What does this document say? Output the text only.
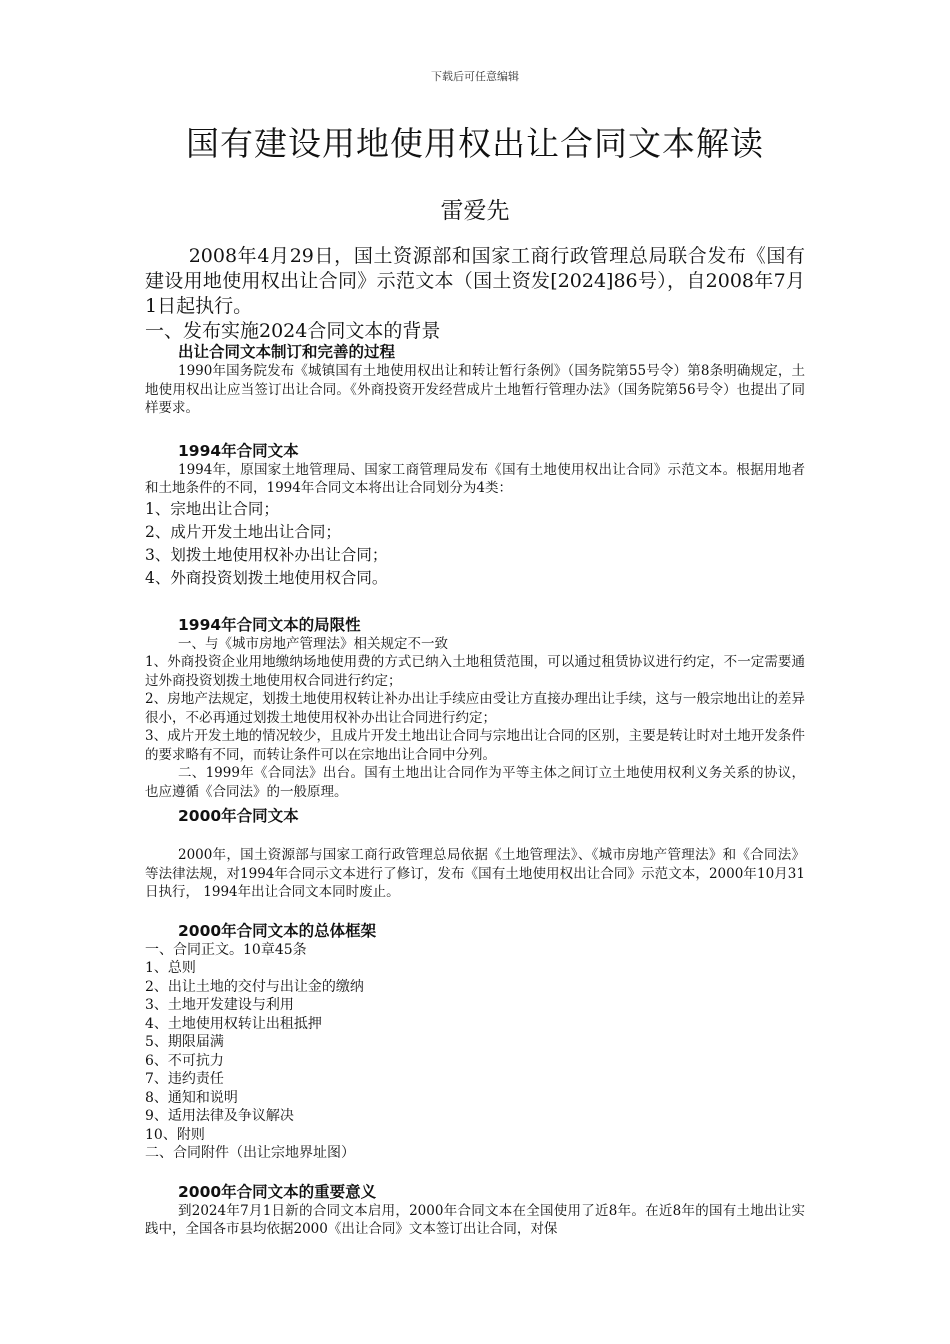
下载后可任意编辑
国有建设用地使用权出让合同文本解读
雷爱先

2008年4月29日，国土资源部和国家工商行政管理总局联合发布《国有建设用地使用权出让合同》示范文本（国土资发[2024]86号），自2008年7月1日起执行。

一、发布实施2024合同文本的背景

出让合同文本制订和完善的过程

1990年国务院发布《城镇国有土地使用权出让和转让暂行条例》（国务院第55号令）第8条明确规定，土地使用权出让应当签订出让合同。《外商投资开发经营成片土地暂行管理办法》（国务院第56号令）也提出了同样要求。

1994年合同文本

1994年，原国家土地管理局、国家工商管理局发布《国有土地使用权出让合同》示范文本。根据用地者和土地条件的不同，1994年合同文本将出让合同划分为4类：

1、宗地出让合同；

2、成片开发土地出让合同；

3、划拨土地使用权补办出让合同；

4、外商投资划拨土地使用权合同。

1994年合同文本的局限性

一、与《城市房地产管理法》相关规定不一致

1、外商投资企业用地缴纳场地使用费的方式已纳入土地租赁范围，可以通过租赁协议进行约定，不一定需要通过外商投资划拨土地使用权合同进行约定；

2、房地产法规定，划拨土地使用权转让补办出让手续应由受让方直接办理出让手续，这与一般宗地出让的差异很小，不必再通过划拨土地使用权补办出让合同进行约定；

3、成片开发土地的情况较少，且成片开发土地出让合同与宗地出让合同的区别，主要是转让时对土地开发条件的要求略有不同，而转让条件可以在宗地出让合同中分列。

二、1999年《合同法》出台。国有土地出让合同作为平等主体之间订立土地使用权利义务关系的协议，也应遵循《合同法》的一般原理。

2000年合同文本

2000年，国土资源部与国家工商行政管理总局依据《土地管理法》、《城市房地产管理法》和《合同法》等法律法规，对1994年合同示文本进行了修订，发布《国有土地使用权出让合同》示范文本，2000年10月31日执行， 1994年出让合同文本同时废止。

2000年合同文本的总体框架

一、合同正文。10章45条

1、总则

2、出让土地的交付与出让金的缴纳

3、土地开发建设与利用

4、土地使用权转让出租抵押

5、期限届满

6、不可抗力

7、违约责任

8、通知和说明

9、适用法律及争议解决

10、附则

二、合同附件（出让宗地界址图）

2000年合同文本的重要意义

到2024年7月1日新的合同文本启用，2000年合同文本在全国使用了近8年。在近8年的国有土地出让实践中，全国各市县均依据2000《出让合同》文本签订出让合同，对保
